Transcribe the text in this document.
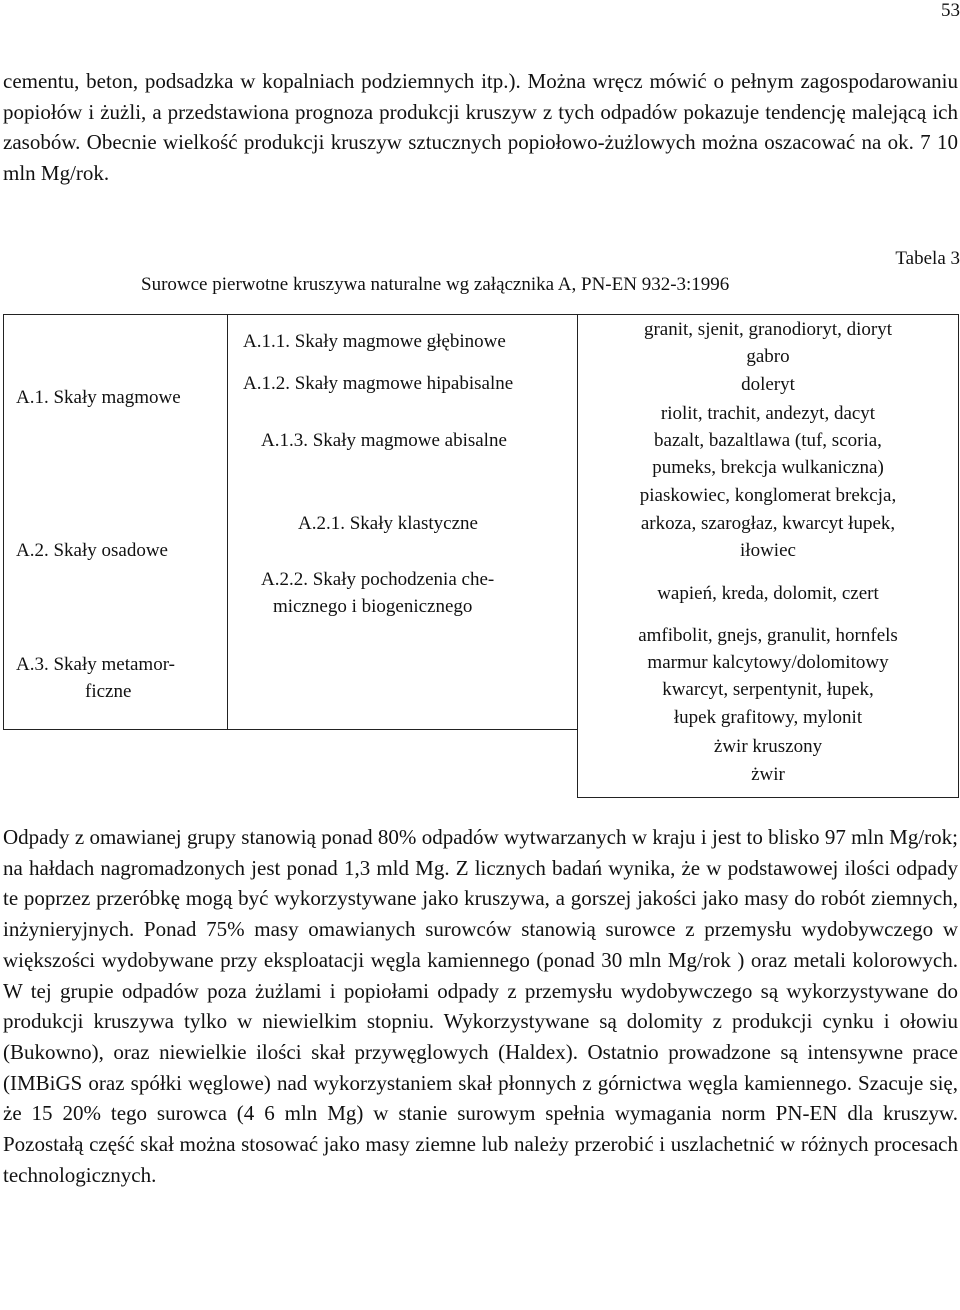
53

cementu, beton, podsadzka w kopalniach podziemnych itp.). Można wręcz mówić o pełnym zagospodarowaniu popiołów i żużli, a przedstawiona prognoza produkcji kruszyw z tych odpadów pokazuje tendencję malejącą ich zasobów. Obecnie wielkość produkcji kruszyw sztucznych popiołowo-żużlowych można oszacować na ok. 7 10 mln Mg/rok.

Tabela 3
Surowce pierwotne kruszywa naturalne wg załącznika A, PN-EN 932-3:1996
A.1. Skały magmowe
A.2. Skały osadowe
A.3. Skały metamor-
ficzne
A.1.1. Skały magmowe głębinowe
A.1.2. Skały magmowe hipabisalne
A.1.3. Skały magmowe abisalne
A.2.1. Skały klastyczne
A.2.2. Skały pochodzenia che-
micznego i biogenicznego
granit, sjenit, granodioryt, dioryt
gabro
doleryt
riolit, trachit, andezyt, dacyt
bazalt, bazaltlawa (tuf, scoria,
pumeks, brekcja wulkaniczna)
piaskowiec, konglomerat brekcja,
arkoza, szarogłaz, kwarcyt łupek,
iłowiec
wapień, kreda, dolomit, czert
amfibolit, gnejs, granulit, hornfels
marmur kalcytowy/dolomitowy
kwarcyt, serpentynit, łupek,
łupek grafitowy, mylonit
żwir kruszony
żwir

Odpady z omawianej grupy stanowią ponad 80% odpadów wytwarzanych w kraju i jest to blisko 97 mln Mg/rok; na hałdach nagromadzonych jest ponad 1,3 mld Mg. Z licznych badań wynika, że w podstawowej ilości odpady te poprzez przeróbkę mogą być wykorzystywane jako kruszywa, a gorszej jakości jako masy do robót ziemnych, inżynieryjnych. Ponad 75% masy omawianych surowców stanowią surowce z przemysłu wydobywczego w większości wydobywane przy eksploatacji węgla kamiennego (ponad 30 mln Mg/rok ) oraz metali kolorowych. W tej grupie odpadów poza żużlami i popiołami odpady z przemysłu wydobywczego są wykorzystywane do produkcji kruszywa tylko w niewielkim stopniu. Wykorzystywane są dolomity z produkcji cynku i ołowiu (Bukowno), oraz niewielkie ilości skał przywęglowych (Haldex). Ostatnio prowadzone są intensywne prace (IMBiGS oraz spółki węglowe) nad wykorzystaniem skał płonnych z górnictwa węgla kamiennego. Szacuje się, że 15 20% tego surowca (4 6 mln Mg) w stanie surowym spełnia wymagania norm PN-EN dla kruszyw. Pozostałą część skał można stosować jako masy ziemne lub należy przerobić i uszlachetnić w różnych procesach technologicznych.
